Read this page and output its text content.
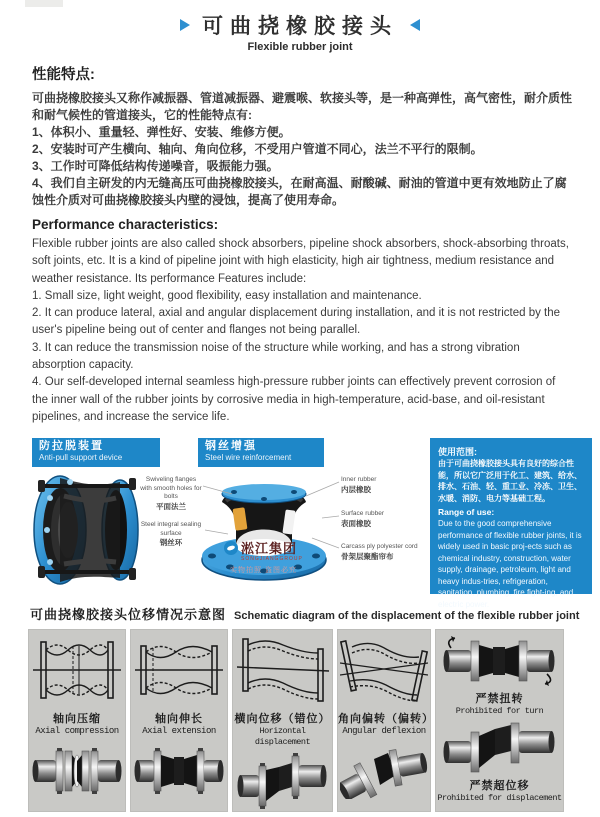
可曲挠橡胶接头
Flexible rubber joint
性能特点:
可曲挠橡胶接头又称作减振器、管道减振器、避震喉、软接头等，是一种高弹性，高气密性，耐介质性和耐气候性的管道接头，它的性能特点有:
1、体积小、重量轻、弹性好、安装、维修方便。
2、安装时可产生横向、轴向、角向位移，不受用户管道不同心，法兰不平行的限制。
3、工作时可降低结构传递噪音，吸振能力强。
4、我们自主研发的内无缝高压可曲挠橡胶接头，在耐高温、耐酸碱、耐油的管道中更有效地防止了腐蚀性介质对可曲挠橡胶接头内壁的浸蚀，提高了使用寿命。
Performance characteristics:
Flexible rubber joints are also called shock absorbers, pipeline shock absorbers, shock-absorbing throats, soft joints, etc. It is a kind of pipeline joint with high elasticity, high air tightness, medium resistance and weather resistance. Its performance Features include:
1. Small size, light weight, good flexibility, easy installation and maintenance.
2. It can produce lateral, axial and angular displacement during installation, and it is not restricted by the user's pipeline being out of center and flanges not being parallel.
3. It can reduce the transmission noise of the structure while working, and has a strong vibration absorption capacity.
4. Our self-developed internal seamless high-pressure rubber joints can effectively prevent corrosion of the inner wall of the rubber joints by corrosive media in high-temperature, acid-base, and oil-resistant pipelines, and increase the service life.
防拉脱装置
Anti-pull support device
钢丝增强
Steel wire reinforcement
Swiveling flanges with smooth holes for bolts
平面法兰
Steel integral sealing surface
钢丝环
Inner rubber
内层橡胶
Surface rubber
表面橡胶
Carcass ply polyester cord
骨架层聚酯帘布
淞江集团
SONGJIANGGROUP
实物拍照 盗图必究
使用范围:
由于可曲挠橡胶接头具有良好的综合性能，所以它广泛用于化工、建筑、给水、排水、石油、轻、重工业、冷冻、卫生、水暖、消防、电力等基础工程。
Range of use:
Due to the good comprehensive performance of flexible rubber joints, it is widely used in basic proj-ects such as chemical industry, construction, water supply, drainage, petroleum, light and heavy indus-tries, refrigeration, sanitation, plumbing, fire fight-ing, and electric power.
可曲挠橡胶接头位移情况示意图 Schematic diagram of the displacement of the flexible rubber joint
轴向压缩
Axial compression
轴向伸长
Axial extension
横向位移（错位）
Horizontal displacement
角向偏转（偏转）
Angular deflexion
严禁扭转
Prohibited for turn
严禁超位移
Prohibited for displacement
